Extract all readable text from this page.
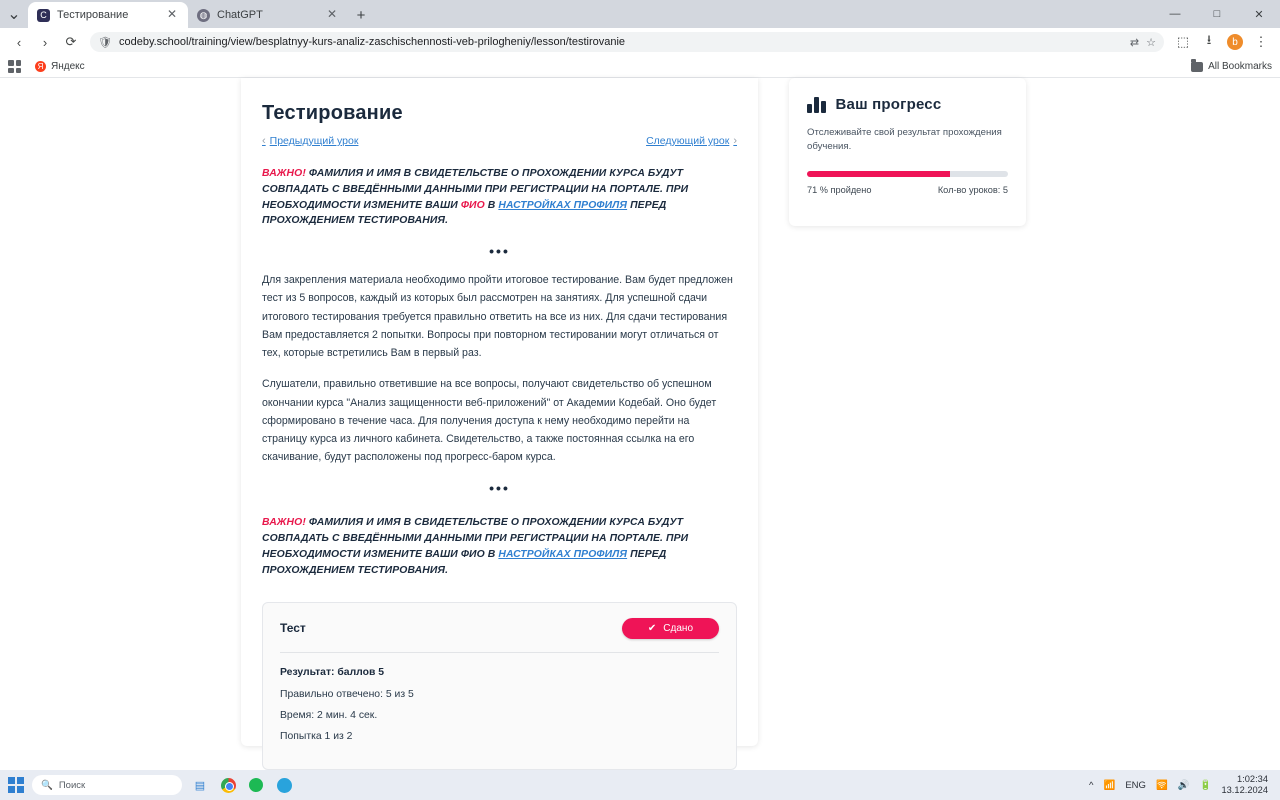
⌄	C Тестирование	✕	◍ ChatGPT	✕	+	—	□	✕
‹	›	⟳	🛡 codeby.school/training/view/besplatnyy-kurs-analiz-zaschischennosti-veb-prilogheniy/lesson/testirovanie	⇄ ☆	⬚	⭳	b	⋮
Я Яндекс	All Bookmarks
Тестирование
‹ Предыдущий урок	Следующий урок ›

ВАЖНО! ФАМИЛИЯ И ИМЯ В СВИДЕТЕЛЬСТВЕ О ПРОХОЖДЕНИИ КУРСА БУДУТ СОВПАДАТЬ С ВВЕДЁННЫМИ ДАННЫМИ ПРИ РЕГИСТРАЦИИ НА ПОРТАЛЕ. ПРИ НЕОБХОДИМОСТИ ИЗМЕНИТЕ ВАШИ ФИО В НАСТРОЙКАХ ПРОФИЛЯ ПЕРЕД ПРОХОЖДЕНИЕМ ТЕСТИРОВАНИЯ.

•••

Для закрепления материала необходимо пройти итоговое тестирование. Вам будет предложен тест из 5 вопросов, каждый из которых был рассмотрен на занятиях. Для успешной сдачи итогового тестирования требуется правильно ответить на все из них. Для сдачи тестирования Вам предоставляется 2 попытки. Вопросы при повторном тестировании могут отличаться от тех, которые встретились Вам в первый раз.

Слушатели, правильно ответившие на все вопросы, получают свидетельство об успешном окончании курса "Анализ защищенности веб-приложений" от Академии Кодебай. Оно будет сформировано в течение часа. Для получения доступа к нему необходимо перейти на страницу курса из личного кабинета. Свидетельство, а также постоянная ссылка на его скачивание, будут расположены под прогресс-баром курса.

•••

ВАЖНО! ФАМИЛИЯ И ИМЯ В СВИДЕТЕЛЬСТВЕ О ПРОХОЖДЕНИИ КУРСА БУДУТ СОВПАДАТЬ С ВВЕДЁННЫМИ ДАННЫМИ ПРИ РЕГИСТРАЦИИ НА ПОРТАЛЕ. ПРИ НЕОБХОДИМОСТИ ИЗМЕНИТЕ ВАШИ ФИО В НАСТРОЙКАХ ПРОФИЛЯ ПЕРЕД ПРОХОЖДЕНИЕМ ТЕСТИРОВАНИЯ.

Тест	✔ Сдано
Результат: баллов 5
Правильно отвечено: 5 из 5
Время: 2 мин. 4 сек.
Попытка 1 из 2
Ваш прогресс
Отслеживайте свой результат прохождения обучения.
71 % пройдено	Кол-во уроков: 5
🔍 Поиск	▤	^ 📶 ENG 🛜 🔊 🔋
1:02:34
13.12.2024
